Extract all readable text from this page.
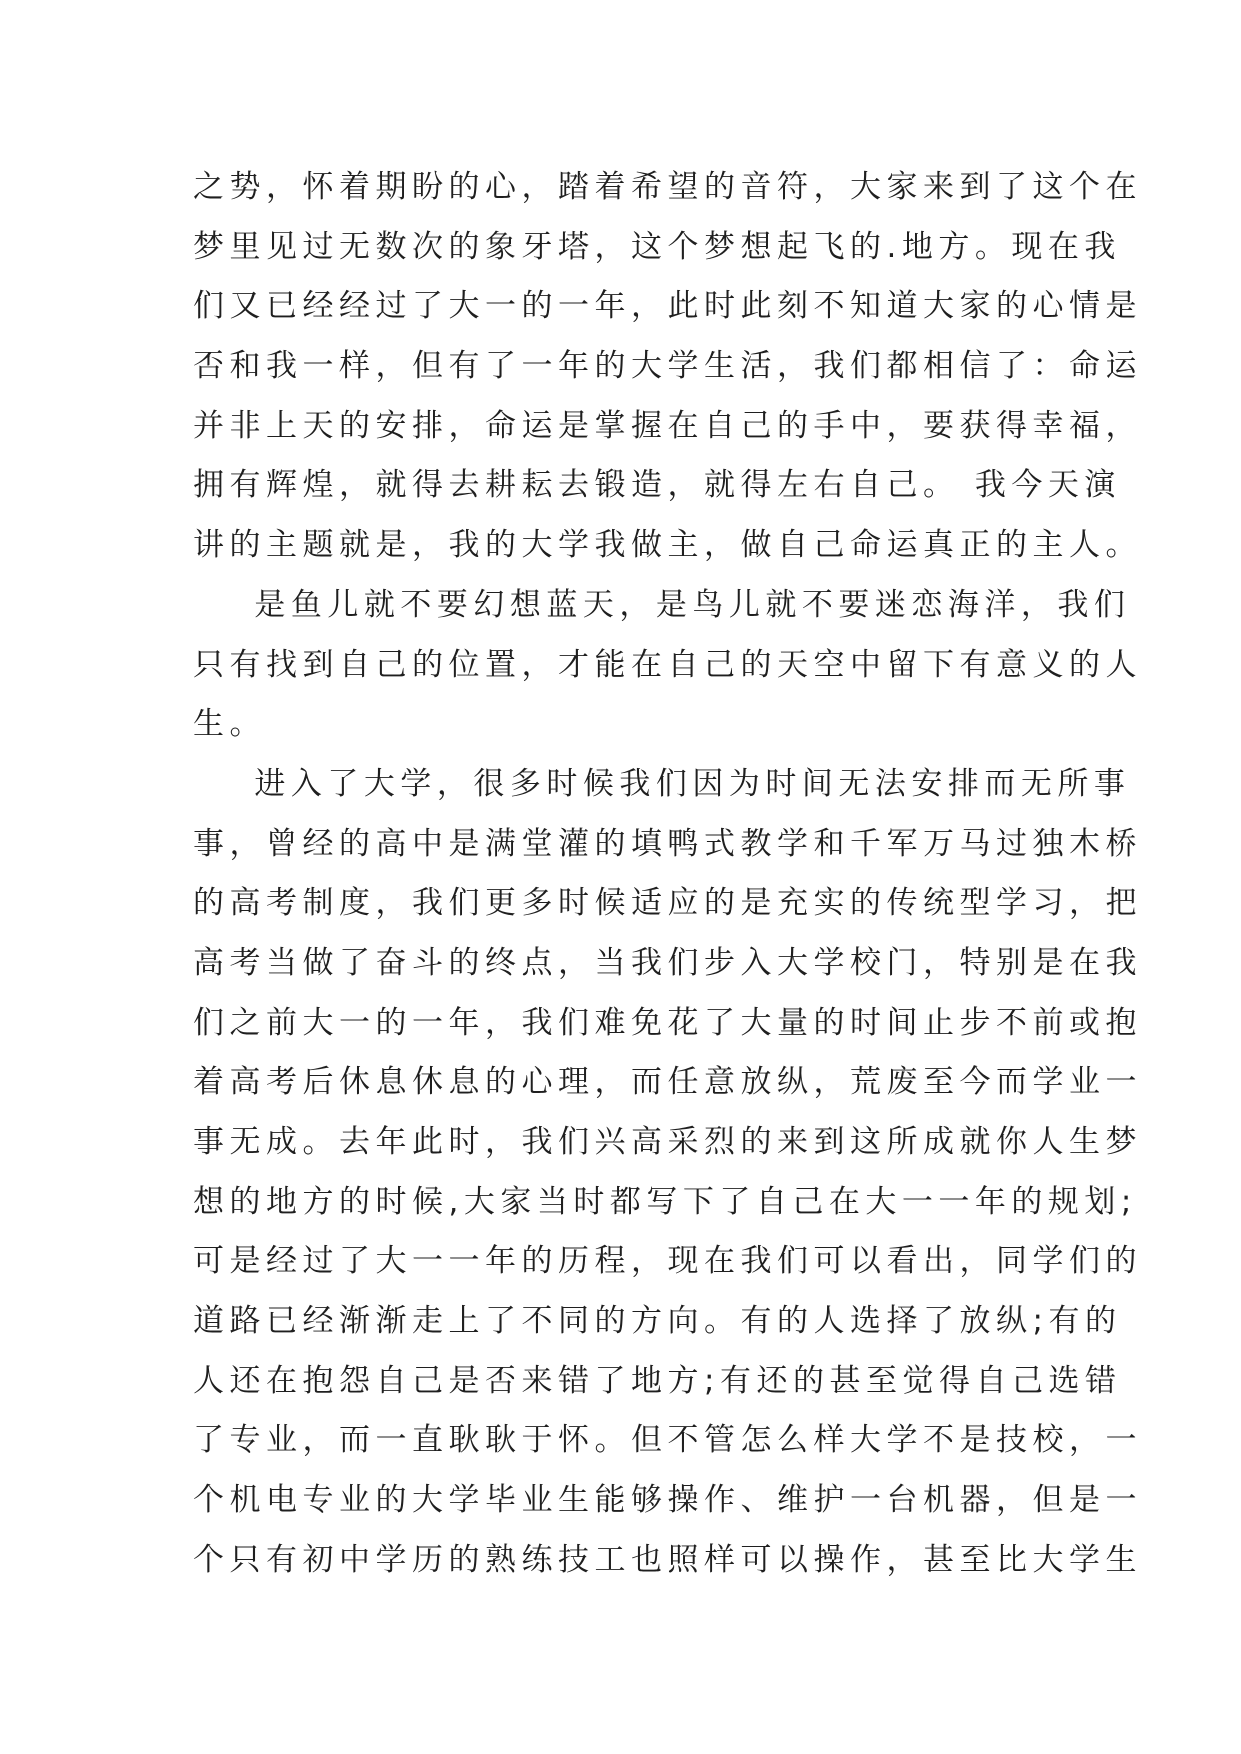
之势，怀着期盼的心，踏着希望的音符，大家来到了这个在
梦里见过无数次的象牙塔，这个梦想起飞的.地方。现在我
们又已经经过了大一的一年，此时此刻不知道大家的心情是
否和我一样，但有了一年的大学生活，我们都相信了：命运
并非上天的安排，命运是掌握在自己的手中，要获得幸福，
拥有辉煌，就得去耕耘去锻造，就得左右自己。 我今天演
讲的主题就是，我的大学我做主，做自己命运真正的主人。
是鱼儿就不要幻想蓝天，是鸟儿就不要迷恋海洋，我们
只有找到自己的位置，才能在自己的天空中留下有意义的人
生。
进入了大学，很多时候我们因为时间无法安排而无所事
事，曾经的高中是满堂灌的填鸭式教学和千军万马过独木桥
的高考制度，我们更多时候适应的是充实的传统型学习，把
高考当做了奋斗的终点，当我们步入大学校门，特别是在我
们之前大一的一年，我们难免花了大量的时间止步不前或抱
着高考后休息休息的心理，而任意放纵，荒废至今而学业一
事无成。去年此时，我们兴高采烈的来到这所成就你人生梦
想的地方的时候,大家当时都写下了自己在大一一年的规划;
可是经过了大一一年的历程，现在我们可以看出，同学们的
道路已经渐渐走上了不同的方向。有的人选择了放纵;有的
人还在抱怨自己是否来错了地方;有还的甚至觉得自己选错
了专业，而一直耿耿于怀。但不管怎么样大学不是技校，一
个机电专业的大学毕业生能够操作、维护一台机器，但是一
个只有初中学历的熟练技工也照样可以操作，甚至比大学生
